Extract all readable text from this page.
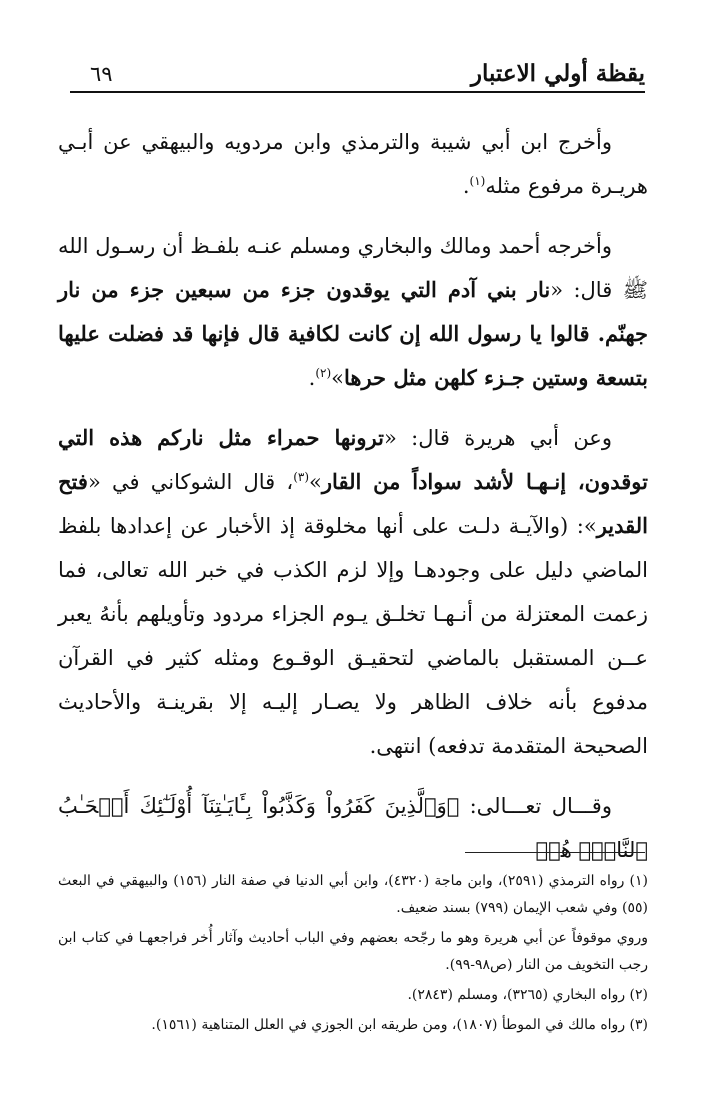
يقظة أولي الاعتبار
٦٩

وأخرج ابن أبي شيبة والترمذي وابن مردويه والبيهقي عن أبـي هريـرة مرفوع مثله$^{(١)}$.

وأخرجه أحمد ومالك والبخاري ومسلم عنـه بلفـظ أن رسـول الله ﷺ قال: «نار بني آدم التي يوقدون جزء من سبعين جزء من نار جهنّم. قالوا يا رسول الله إن كانت لكافية قال فإنها قد فضلت عليها بتسعة وستين جـزء كلهن مثل حرها»$^{(٢)}$.

وعن أبي هريرة قال: «ترونها حمراء مثل ناركم هذه التي توقدون، إنـهـا لأشد سواداً من القار»$^{(٣)}$، قال الشوكاني في «فتح القدير»: (والآيـة دلـت على أنها مخلوقة إذ الأخبار عن إعدادها بلفظ الماضي دليل على وجودهـا وإلا لزم الكذب في خبر الله تعالى، فما زعمت المعتزلة من أنـهـا تخلـق يـوم الجزاء مردود وتأويلهم بأنهُ يعبر عــن المستقبل بالماضي لتحقيـق الوقـوع ومثله كثير في القرآن مدفوع بأنه خلاف الظاهر ولا يصـار إليـه إلا بقرينـة والأحاديث الصحيحة المتقدمة تدفعه) انتهى.

وقـــال تعـــالى: ﴿وَٱلَّذِينَ كَفَرُواْ وَكَذَّبُواْ بِـَٔايَـٰتِنَآ أُوْلَـٰٓئِكَ أَصۡحَـٰبُ ٱلنَّارِۖ هُمۡ

(١) رواه الترمذي (٢٥٩١)، وابن ماجة (٤٣٢٠)، وابن أبي الدنيا في صفة النار (١٥٦) والبيهقي في البعث (٥٥) وفي شعب الإيمان (٧٩٩) بسند ضعيف.

وروي موقوفاً عن أبي هريرة وهو ما رجّحه بعضهم وفي الباب أحاديث وآثار أُخر فراجعهـا في كتاب ابن رجب التخويف من النار (ص٩٨-٩٩).

(٢) رواه البخاري (٣٢٦٥)، ومسلم (٢٨٤٣).

(٣) رواه مالك في الموطأ (١٨٠٧)، ومن طريقه ابن الجوزي في العلل المتناهية (١٥٦١).
